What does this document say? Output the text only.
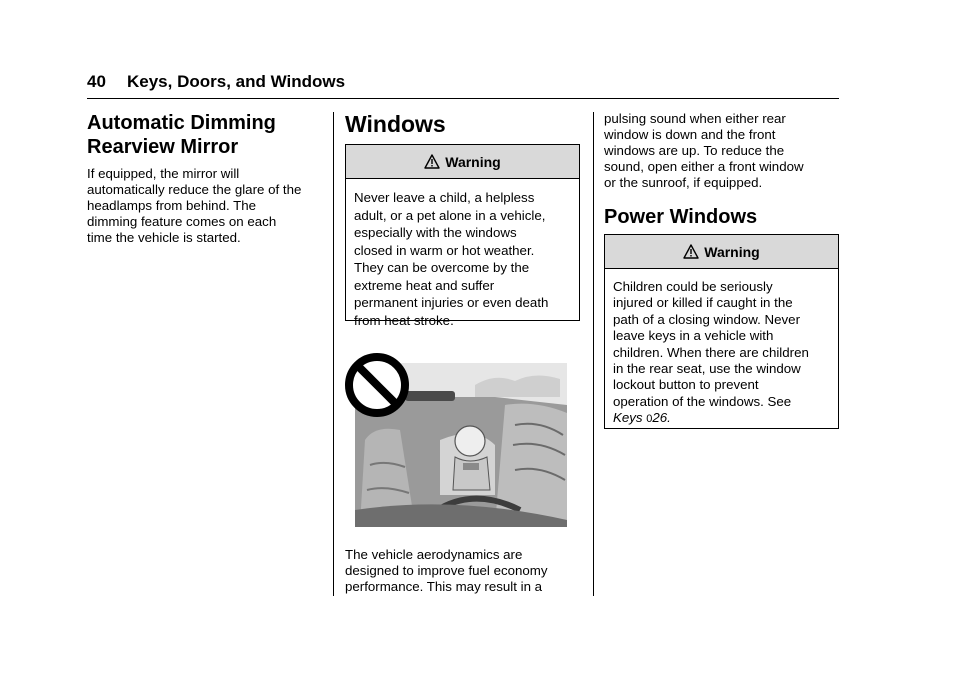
40 Keys, Doors, and Windows
Automatic Dimming
Rearview Mirror
If equipped, the mirror will
automatically reduce the glare of the
headlamps from behind. The
dimming feature comes on each
time the vehicle is started.
Windows
Warning
Never leave a child, a helpless
adult, or a pet alone in a vehicle,
especially with the windows
closed in warm or hot weather.
They can be overcome by the
extreme heat and suffer
permanent injuries or even death
from heat stroke.
The vehicle aerodynamics are
designed to improve fuel economy
performance. This may result in a
pulsing sound when either rear
window is down and the front
windows are up. To reduce the
sound, open either a front window
or the sunroof, if equipped.
Power Windows
Warning
Children could be seriously
injured or killed if caught in the
path of a closing window. Never
leave keys in a vehicle with
children. When there are children
in the rear seat, use the window
lockout button to prevent
operation of the windows. See
Keys 026.
